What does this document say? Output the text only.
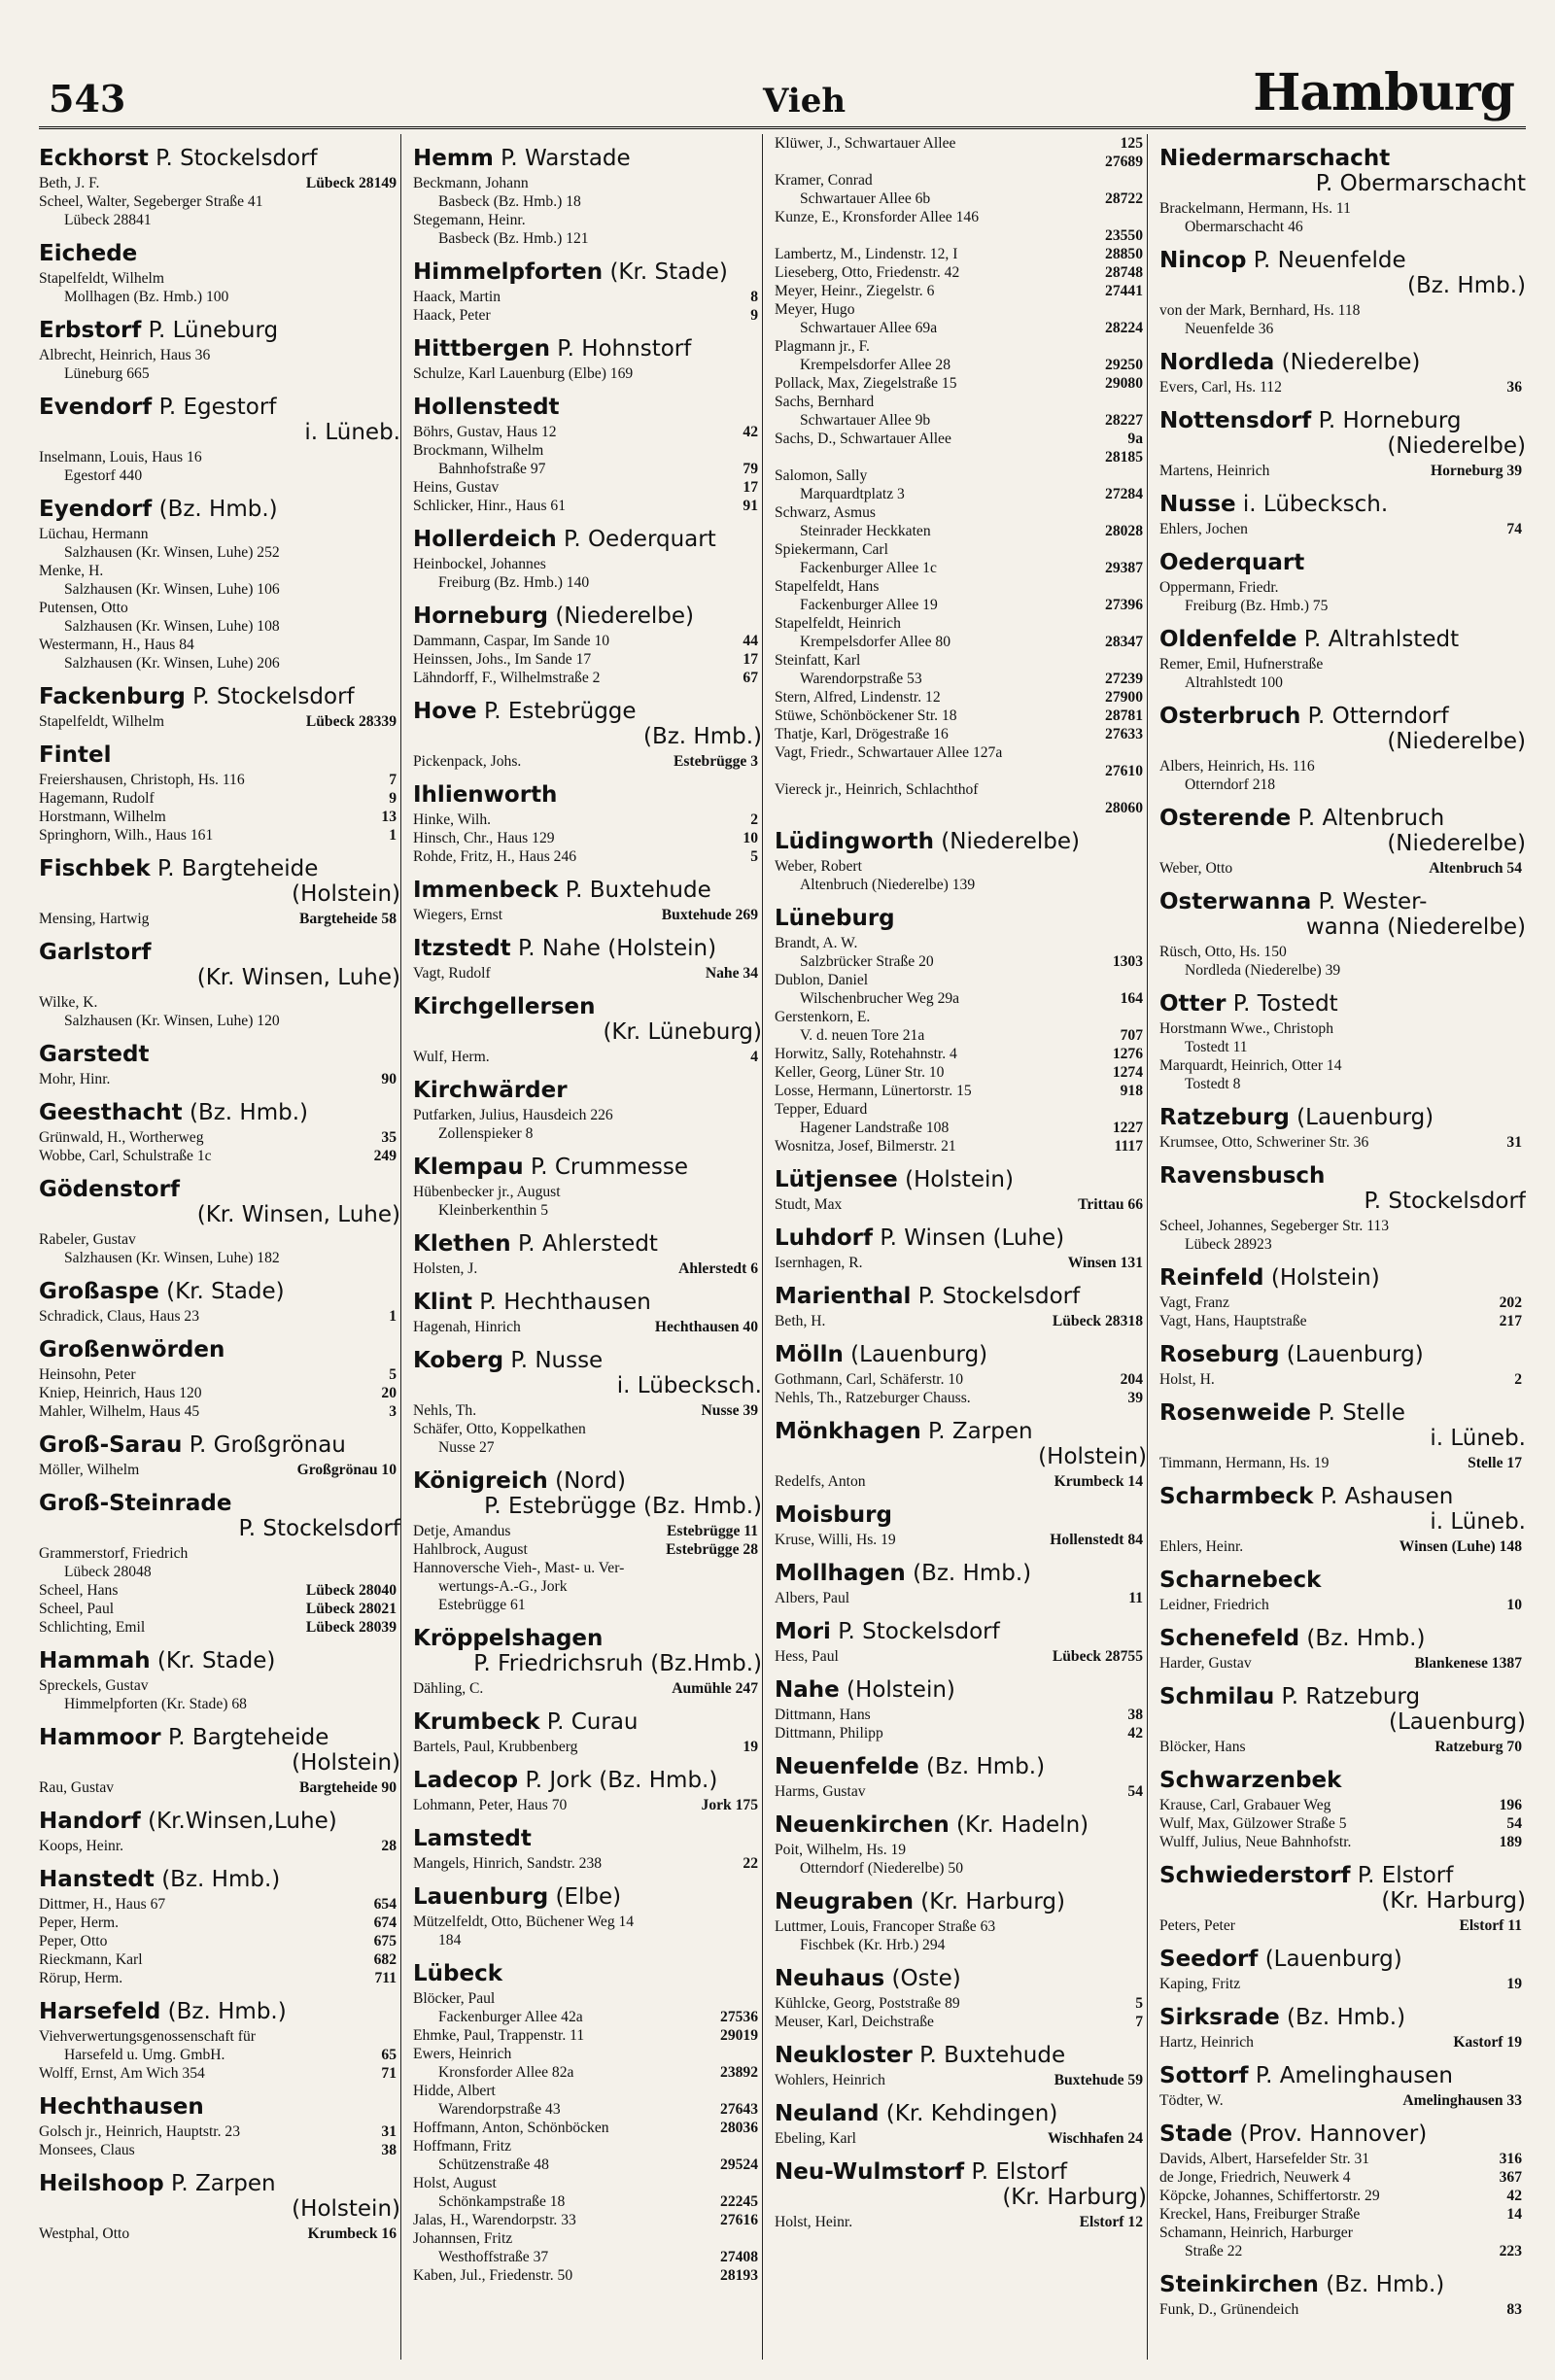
543	Vieh	Hamburg
Eckhorst P. Stockelsdorf
Beth, J. F.	Lübeck 28149
Scheel, Walter, Segeberger Straße 41
Lübeck 28841
Eichede
Stapelfeldt, Wilhelm
Mollhagen (Bz. Hmb.) 100
Erbstorf P. Lüneburg
Albrecht, Heinrich, Haus 36
Lüneburg 665
Evendorf P. Egestorf
i. Lüneb.
Inselmann, Louis, Haus 16
Egestorf 440
Eyendorf (Bz. Hmb.)
Lüchau, Hermann
Salzhausen (Kr. Winsen, Luhe) 252
Menke, H.
Salzhausen (Kr. Winsen, Luhe) 106
Putensen, Otto
Salzhausen (Kr. Winsen, Luhe) 108
Westermann, H., Haus 84
Salzhausen (Kr. Winsen, Luhe) 206
Fackenburg P. Stockelsdorf
Stapelfeldt, Wilhelm	Lübeck 28339
Fintel
Freiershausen, Christoph, Hs. 116	7
Hagemann, Rudolf	9
Horstmann, Wilhelm	13
Springhorn, Wilh., Haus 161	1
Fischbek P. Bargteheide
(Holstein)
Mensing, Hartwig	Bargteheide 58
Garlstorf
(Kr. Winsen, Luhe)
Wilke, K.
Salzhausen (Kr. Winsen, Luhe) 120
Garstedt
Mohr, Hinr.	90
Geesthacht (Bz. Hmb.)
Grünwald, H., Wortherweg	35
Wobbe, Carl, Schulstraße 1c	249
Gödenstorf
(Kr. Winsen, Luhe)
Rabeler, Gustav
Salzhausen (Kr. Winsen, Luhe) 182
Großaspe (Kr. Stade)
Schradick, Claus, Haus 23	1
Großenwörden
Heinsohn, Peter	5
Kniep, Heinrich, Haus 120	20
Mahler, Wilhelm, Haus 45	3
Groß-Sarau P. Großgrönau
Möller, Wilhelm	Großgrönau 10
Groß-Steinrade
P. Stockelsdorf
Grammerstorf, Friedrich
Lübeck 28048
Scheel, Hans	Lübeck 28040
Scheel, Paul	Lübeck 28021
Schlichting, Emil	Lübeck 28039
Hammah (Kr. Stade)
Spreckels, Gustav
Himmelpforten (Kr. Stade) 68
Hammoor P. Bargteheide
(Holstein)
Rau, Gustav	Bargteheide 90
Handorf (Kr.Winsen,Luhe)
Koops, Heinr.	28
Hanstedt (Bz. Hmb.)
Dittmer, H., Haus 67	654
Peper, Herm.	674
Peper, Otto	675
Rieckmann, Karl	682
Rörup, Herm.	711
Harsefeld (Bz. Hmb.)
Viehverwertungsgenossenschaft für
Harsefeld u. Umg. GmbH.	65
Wolff, Ernst, Am Wich 354	71
Hechthausen
Golsch jr., Heinrich, Hauptstr. 23	31
Monsees, Claus	38
Heilshoop P. Zarpen
(Holstein)
Westphal, Otto	Krumbeck 16
Hemm P. Warstade
Beckmann, Johann
Basbeck (Bz. Hmb.) 18
Stegemann, Heinr.
Basbeck (Bz. Hmb.) 121
Himmelpforten (Kr. Stade)
Haack, Martin	8
Haack, Peter	9
Hittbergen P. Hohnstorf
Schulze, Karl Lauenburg (Elbe) 169
Hollenstedt
Böhrs, Gustav, Haus 12	42
Brockmann, Wilhelm
Bahnhofstraße 97	79
Heins, Gustav	17
Schlicker, Hinr., Haus 61	91
Hollerdeich P. Oederquart
Heinbockel, Johannes
Freiburg (Bz. Hmb.) 140
Horneburg (Niederelbe)
Dammann, Caspar, Im Sande 10	44
Heinssen, Johs., Im Sande 17	17
Lähndorff, F., Wilhelmstraße 2	67
Hove P. Estebrügge
(Bz. Hmb.)
Pickenpack, Johs.	Estebrügge 3
Ihlienworth
Hinke, Wilh.	2
Hinsch, Chr., Haus 129	10
Rohde, Fritz, H., Haus 246	5
Immenbeck P. Buxtehude
Wiegers, Ernst	Buxtehude 269
Itzstedt P. Nahe (Holstein)
Vagt, Rudolf	Nahe 34
Kirchgellersen
(Kr. Lüneburg)
Wulf, Herm.	4
Kirchwärder
Putfarken, Julius, Hausdeich 226
Zollenspieker 8
Klempau P. Crummesse
Hübenbecker jr., August
Kleinberkenthin 5
Klethen P. Ahlerstedt
Holsten, J.	Ahlerstedt 6
Klint P. Hechthausen
Hagenah, Hinrich	Hechthausen 40
Koberg P. Nusse
i. Lübecksch.
Nehls, Th.	Nusse 39
Schäfer, Otto, Koppelkathen
Nusse 27
Königreich (Nord)
P. Estebrügge (Bz. Hmb.)
Detje, Amandus	Estebrügge 11
Hahlbrock, August	Estebrügge 28
Hannoversche Vieh-, Mast- u. Ver-
wertungs-A.-G., Jork
Estebrügge 61
Kröppelshagen
P. Friedrichsruh (Bz.Hmb.)
Dähling, C.	Aumühle 247
Krumbeck P. Curau
Bartels, Paul, Krubbenberg	19
Ladecop P. Jork (Bz. Hmb.)
Lohmann, Peter, Haus 70	Jork 175
Lamstedt
Mangels, Hinrich, Sandstr. 238	22
Lauenburg (Elbe)
Mützelfeldt, Otto, Büchener Weg 14
184
Lübeck
Blöcker, Paul
Fackenburger Allee 42a	27536
Ehmke, Paul, Trappenstr. 11	29019
Ewers, Heinrich
Kronsforder Allee 82a	23892
Hidde, Albert
Warendorpstraße 43	27643
Hoffmann, Anton, Schönböcken	28036
Hoffmann, Fritz
Schützenstraße 48	29524
Holst, August
Schönkampstraße 18	22245
Jalas, H., Warendorpstr. 33	27616
Johannsen, Fritz
Westhoffstraße 37	27408
Kaben, Jul., Friedenstr. 50	28193
Klüwer, J., Schwartauer Allee	125
27689
Kramer, Conrad
Schwartauer Allee 6b	28722
Kunze, E., Kronsforder Allee 146
23550
Lambertz, M., Lindenstr. 12, I	28850
Lieseberg, Otto, Friedenstr. 42	28748
Meyer, Heinr., Ziegelstr. 6	27441
Meyer, Hugo
Schwartauer Allee 69a	28224
Plagmann jr., F.
Krempelsdorfer Allee 28	29250
Pollack, Max, Ziegelstraße 15	29080
Sachs, Bernhard
Schwartauer Allee 9b	28227
Sachs, D., Schwartauer Allee	9a
28185
Salomon, Sally
Marquardtplatz 3	27284
Schwarz, Asmus
Steinrader Heckkaten	28028
Spiekermann, Carl
Fackenburger Allee 1c	29387
Stapelfeldt, Hans
Fackenburger Allee 19	27396
Stapelfeldt, Heinrich
Krempelsdorfer Allee 80	28347
Steinfatt, Karl
Warendorpstraße 53	27239
Stern, Alfred, Lindenstr. 12	27900
Stüwe, Schönböckener Str. 18	28781
Thatje, Karl, Drögestraße 16	27633
Vagt, Friedr., Schwartauer Allee 127a
27610
Viereck jr., Heinrich, Schlachthof
28060
Lüdingworth (Niederelbe)
Weber, Robert
Altenbruch (Niederelbe) 139
Lüneburg
Brandt, A. W.
Salzbrücker Straße 20	1303
Dublon, Daniel
Wilschenbrucher Weg 29a	164
Gerstenkorn, E.
V. d. neuen Tore 21a	707
Horwitz, Sally, Rotehahnstr. 4	1276
Keller, Georg, Lüner Str. 10	1274
Losse, Hermann, Lünertorstr. 15	918
Tepper, Eduard
Hagener Landstraße 108	1227
Wosnitza, Josef, Bilmerstr. 21	1117
Lütjensee (Holstein)
Studt, Max	Trittau 66
Luhdorf P. Winsen (Luhe)
Isernhagen, R.	Winsen 131
Marienthal P. Stockelsdorf
Beth, H.	Lübeck 28318
Mölln (Lauenburg)
Gothmann, Carl, Schäferstr. 10	204
Nehls, Th., Ratzeburger Chauss.	39
Mönkhagen P. Zarpen
(Holstein)
Redelfs, Anton	Krumbeck 14
Moisburg
Kruse, Willi, Hs. 19	Hollenstedt 84
Mollhagen (Bz. Hmb.)
Albers, Paul	11
Mori P. Stockelsdorf
Hess, Paul	Lübeck 28755
Nahe (Holstein)
Dittmann, Hans	38
Dittmann, Philipp	42
Neuenfelde (Bz. Hmb.)
Harms, Gustav	54
Neuenkirchen (Kr. Hadeln)
Poit, Wilhelm, Hs. 19
Otterndorf (Niederelbe) 50
Neugraben (Kr. Harburg)
Luttmer, Louis, Francoper Straße 63
Fischbek (Kr. Hrb.) 294
Neuhaus (Oste)
Kühlcke, Georg, Poststraße 89	5
Meuser, Karl, Deichstraße	7
Neukloster P. Buxtehude
Wohlers, Heinrich	Buxtehude 59
Neuland (Kr. Kehdingen)
Ebeling, Karl	Wischhafen 24
Neu-Wulmstorf P. Elstorf
(Kr. Harburg)
Holst, Heinr.	Elstorf 12
Niedermarschacht
P. Obermarschacht
Brackelmann, Hermann, Hs. 11
Obermarschacht 46
Nincop P. Neuenfelde
(Bz. Hmb.)
von der Mark, Bernhard, Hs. 118
Neuenfelde 36
Nordleda (Niederelbe)
Evers, Carl, Hs. 112	36
Nottensdorf P. Horneburg
(Niederelbe)
Martens, Heinrich	Horneburg 39
Nusse i. Lübecksch.
Ehlers, Jochen	74
Oederquart
Oppermann, Friedr.
Freiburg (Bz. Hmb.) 75
Oldenfelde P. Altrahlstedt
Remer, Emil, Hufnerstraße
Altrahlstedt 100
Osterbruch P. Otterndorf
(Niederelbe)
Albers, Heinrich, Hs. 116
Otterndorf 218
Osterende P. Altenbruch
(Niederelbe)
Weber, Otto	Altenbruch 54
Osterwanna P. Wester-
wanna (Niederelbe)
Rüsch, Otto, Hs. 150
Nordleda (Niederelbe) 39
Otter P. Tostedt
Horstmann Wwe., Christoph
Tostedt 11
Marquardt, Heinrich, Otter 14
Tostedt 8
Ratzeburg (Lauenburg)
Krumsee, Otto, Schweriner Str. 36	31
Ravensbusch
P. Stockelsdorf
Scheel, Johannes, Segeberger Str. 113
Lübeck 28923
Reinfeld (Holstein)
Vagt, Franz	202
Vagt, Hans, Hauptstraße	217
Roseburg (Lauenburg)
Holst, H.	2
Rosenweide P. Stelle
i. Lüneb.
Timmann, Hermann, Hs. 19	Stelle 17
Scharmbeck P. Ashausen
i. Lüneb.
Ehlers, Heinr.	Winsen (Luhe) 148
Scharnebeck
Leidner, Friedrich	10
Schenefeld (Bz. Hmb.)
Harder, Gustav	Blankenese 1387
Schmilau P. Ratzeburg
(Lauenburg)
Blöcker, Hans	Ratzeburg 70
Schwarzenbek
Krause, Carl, Grabauer Weg	196
Wulf, Max, Gülzower Straße 5	54
Wulff, Julius, Neue Bahnhofstr.	189
Schwiederstorf P. Elstorf
(Kr. Harburg)
Peters, Peter	Elstorf 11
Seedorf (Lauenburg)
Kaping, Fritz	19
Sirksrade (Bz. Hmb.)
Hartz, Heinrich	Kastorf 19
Sottorf P. Amelinghausen
Tödter, W.	Amelinghausen 33
Stade (Prov. Hannover)
Davids, Albert, Harsefelder Str. 31	316
de Jonge, Friedrich, Neuwerk 4	367
Köpcke, Johannes, Schiffertorstr. 29	42
Kreckel, Hans, Freiburger Straße	14
Schamann, Heinrich, Harburger
Straße 22	223
Steinkirchen (Bz. Hmb.)
Funk, D., Grünendeich	83
